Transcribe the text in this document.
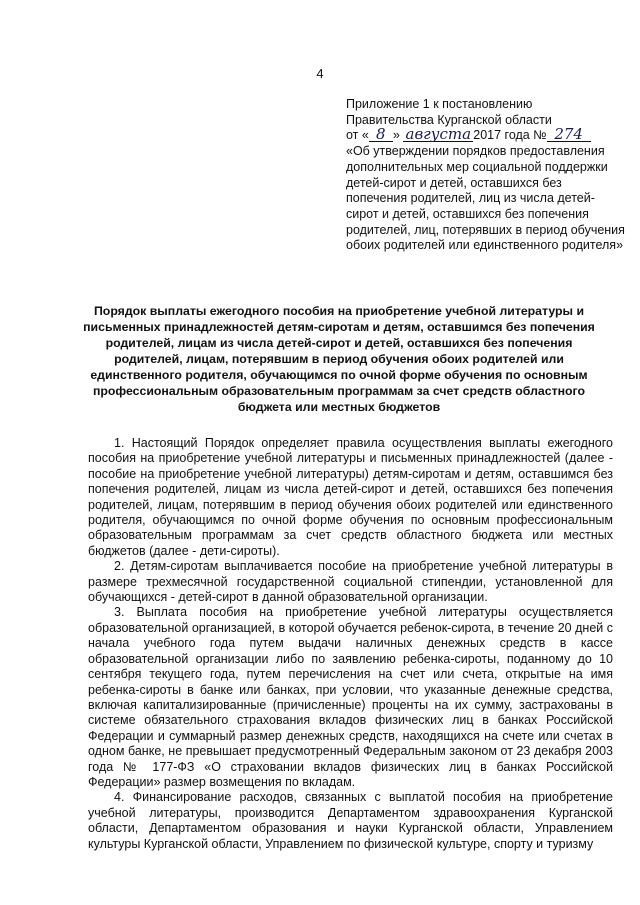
4
Приложение 1 к постановлению
Правительства Курганской области
от « 8 » августа 2017 года № 274
«Об утверждении порядков предоставления дополнительных мер социальной поддержки детей-сирот и детей, оставшихся без попечения родителей, лиц из числа детей-сирот и детей, оставшихся без попечения родителей, лиц, потерявших в период обучения обоих родителей или единственного родителя»
Порядок выплаты ежегодного пособия на приобретение учебной литературы и письменных принадлежностей детям-сиротам и детям, оставшимся без попечения родителей, лицам из числа детей-сирот и детей, оставшихся без попечения родителей, лицам, потерявшим в период обучения обоих родителей или единственного родителя, обучающимся по очной форме обучения по основным профессиональным образовательным программам за счет средств областного бюджета или местных бюджетов

1. Настоящий Порядок определяет правила осуществления выплаты ежегодного пособия на приобретение учебной литературы и письменных принадлежностей (далее - пособие на приобретение учебной литературы) детям-сиротам и детям, оставшимся без попечения родителей, лицам из числа детей-сирот и детей, оставшихся без попечения родителей, лицам, потерявшим в период обучения обоих родителей или единственного родителя, обучающимся по очной форме обучения по основным профессиональным образовательным программам за счет средств областного бюджета или местных бюджетов (далее - дети-сироты).

2. Детям-сиротам выплачивается пособие на приобретение учебной литературы в размере трехмесячной государственной социальной стипендии, установленной для обучающихся - детей-сирот в данной образовательной организации.

3. Выплата пособия на приобретение учебной литературы осуществляется образовательной организацией, в которой обучается ребенок-сирота, в течение 20 дней с начала учебного года путем выдачи наличных денежных средств в кассе образовательной организации либо по заявлению ребенка-сироты, поданному до 10 сентября текущего года, путем перечисления на счет или счета, открытые на имя ребенка-сироты в банке или банках, при условии, что указанные денежные средства, включая капитализированные (причисленные) проценты на их сумму, застрахованы в системе обязательного страхования вкладов физических лиц в банках Российской Федерации и суммарный размер денежных средств, находящихся на счете или счетах в одном банке, не превышает предусмотренный Федеральным законом от 23 декабря 2003 года № 177-ФЗ «О страховании вкладов физических лиц в банках Российской Федерации» размер возмещения по вкладам.

4. Финансирование расходов, связанных с выплатой пособия на приобретение учебной литературы, производится Департаментом здравоохранения Курганской области, Департаментом образования и науки Курганской области, Управлением культуры Курганской области, Управлением по физической культуре, спорту и туризму
